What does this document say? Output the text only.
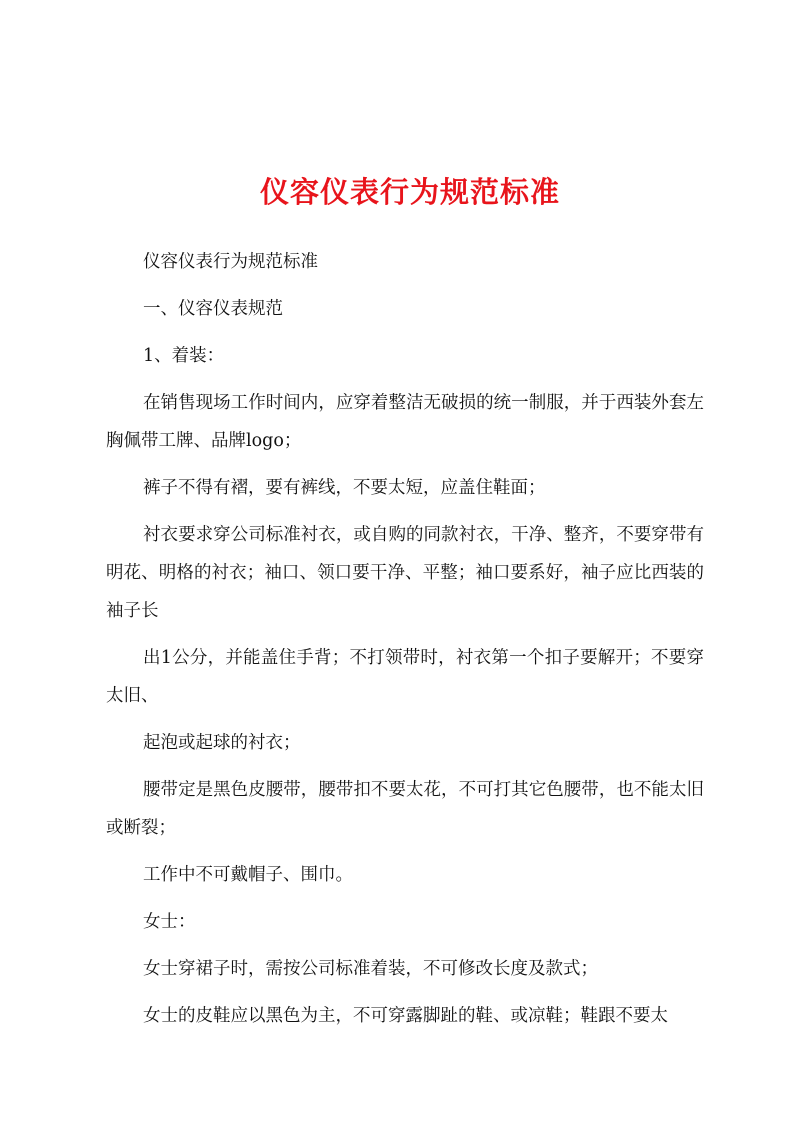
仪容仪表行为规范标准

仪容仪表行为规范标准

一、仪容仪表规范

1、着装：

在销售现场工作时间内，应穿着整洁无破损的统一制服，并于西装外套左胸佩带工牌、品牌logo；

裤子不得有褶，要有裤线，不要太短，应盖住鞋面；

衬衣要求穿公司标准衬衣，或自购的同款衬衣，干净、整齐，不要穿带有明花、明格的衬衣；袖口、领口要干净、平整；袖口要系好，袖子应比西装的袖子长

出1公分，并能盖住手背；不打领带时，衬衣第一个扣子要解开；不要穿太旧、

起泡或起球的衬衣；

腰带定是黑色皮腰带，腰带扣不要太花，不可打其它色腰带，也不能太旧或断裂；

工作中不可戴帽子、围巾。

女士：

女士穿裙子时，需按公司标准着装，不可修改长度及款式；

女士的皮鞋应以黑色为主，不可穿露脚趾的鞋、或凉鞋；鞋跟不要太
